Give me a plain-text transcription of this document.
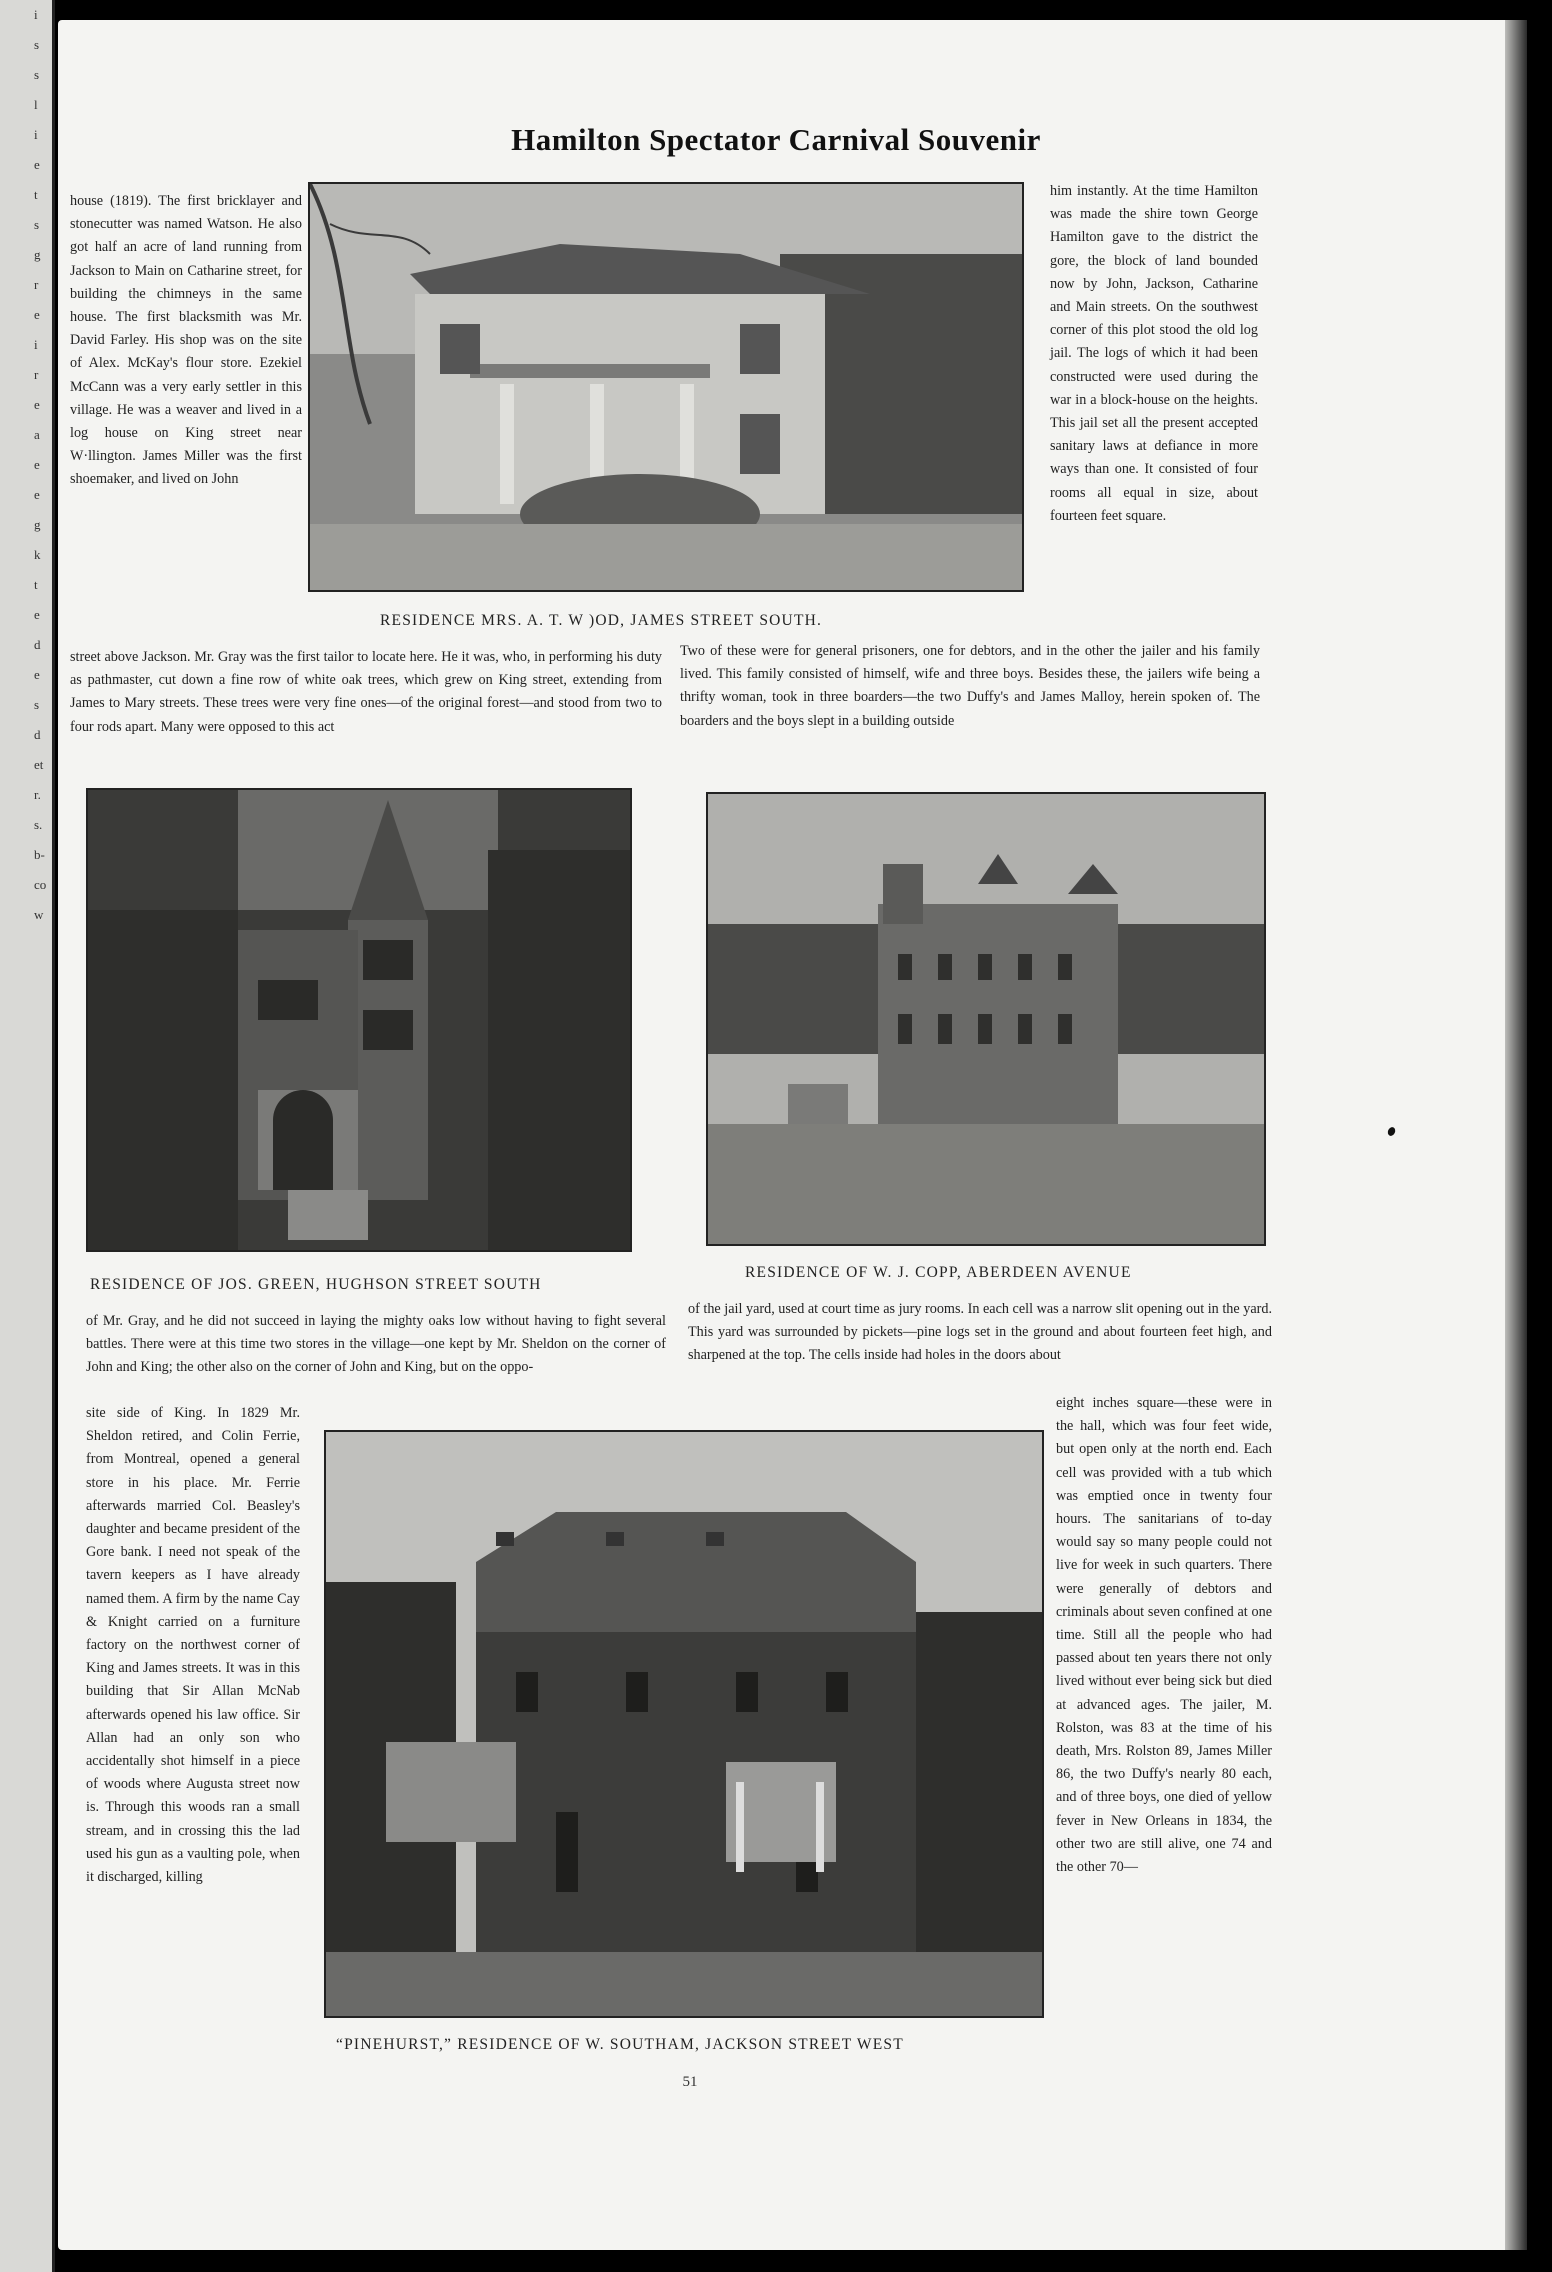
i
s
s
l
i
e
t
s
g
r
e
i
r
e
a
e
e
g
k
t
e
d
e
s
d
et
r.
s.
b-
co
w
Hamilton Spectator Carnival Souvenir

house (1819). The first bricklayer and stonecutter was named Watson. He also got half an acre of land running from Jackson to Main on Catharine street, for building the chimneys in the same house. The first blacksmith was Mr. David Farley. His shop was on the site of Alex. McKay's flour store. Ezekiel McCann was a very early settler in this village. He was a weaver and lived in a log house on King street near W·llington. James Miller was the first shoemaker, and lived on John

him instantly. At the time Hamilton was made the shire town George Hamilton gave to the district the gore, the block of land bounded now by John, Jackson, Catharine and Main streets. On the southwest corner of this plot stood the old log jail. The logs of which it had been constructed were used during the war in a block-house on the heights. This jail set all the present accepted sanitary laws at defiance in more ways than one. It consisted of four rooms all equal in size, about fourteen feet square.

RESIDENCE MRS. A. T. W )OD, JAMES STREET SOUTH.

street above Jackson. Mr. Gray was the first tailor to locate here. He it was, who, in performing his duty as pathmaster, cut down a fine row of white oak trees, which grew on King street, extending from James to Mary streets. These trees were very fine ones—of the original forest—and stood from two to four rods apart. Many were opposed to this act

Two of these were for general prisoners, one for debtors, and in the other the jailer and his family lived. This family consisted of himself, wife and three boys. Besides these, the jailers wife being a thrifty woman, took in three boarders—the two Duffy's and James Malloy, herein spoken of. The boarders and the boys slept in a building outside

RESIDENCE OF JOS. GREEN, HUGHSON STREET SOUTH
RESIDENCE OF W. J. COPP, ABERDEEN AVENUE

of Mr. Gray, and he did not succeed in laying the mighty oaks low without having to fight several battles. There were at this time two stores in the village—one kept by Mr. Sheldon on the corner of John and King; the other also on the corner of John and King, but on the oppo-

of the jail yard, used at court time as jury rooms. In each cell was a narrow slit opening out in the yard. This yard was surrounded by pickets—pine logs set in the ground and about fourteen feet high, and sharpened at the top. The cells inside had holes in the doors about

site side of King. In 1829 Mr. Sheldon retired, and Colin Ferrie, from Montreal, opened a general store in his place. Mr. Ferrie afterwards married Col. Beasley's daughter and became president of the Gore bank. I need not speak of the tavern keepers as I have already named them. A firm by the name Cay & Knight carried on a furniture factory on the northwest corner of King and James streets. It was in this building that Sir Allan McNab afterwards opened his law office. Sir Allan had an only son who accidentally shot himself in a piece of woods where Augusta street now is. Through this woods ran a small stream, and in crossing this the lad used his gun as a vaulting pole, when it discharged, killing

eight inches square—these were in the hall, which was four feet wide, but open only at the north end. Each cell was provided with a tub which was emptied once in twenty four hours. The sanitarians of to-day would say so many people could not live for week in such quarters. There were generally of debtors and criminals about seven confined at one time. Still all the people who had passed about ten years there not only lived without ever being sick but died at advanced ages. The jailer, M. Rolston, was 83 at the time of his death, Mrs. Rolston 89, James Miller 86, the two Duffy's nearly 80 each, and of three boys, one died of yellow fever in New Orleans in 1834, the other two are still alive, one 74 and the other 70—

“PINEHURST,” RESIDENCE OF W. SOUTHAM, JACKSON STREET WEST
51
